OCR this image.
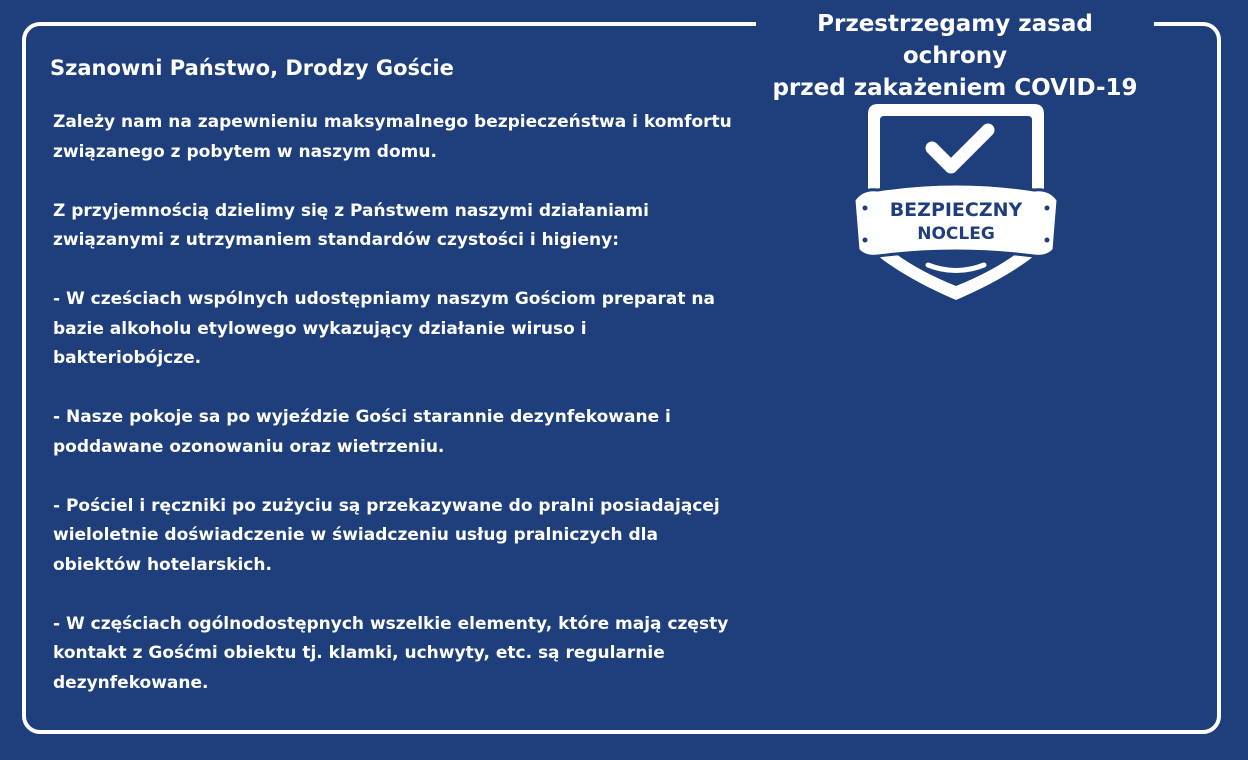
Przestrzegamy zasad ochrony
przed zakażeniem COVID-19
Szanowni Państwo, Drodzy Goście

Zależy nam na zapewnieniu maksymalnego bezpieczeństwa i komfortu
związanego z pobytem w naszym domu.

Z przyjemnością dzielimy się z Państwem naszymi działaniami
związanymi z utrzymaniem standardów czystości i higieny:

- W cześciach wspólnych udostępniamy naszym Gościom preparat na
bazie alkoholu etylowego wykazujący działanie wiruso i
bakteriobójcze.

- Nasze pokoje sa po wyjeździe Gości starannie dezynfekowane i
poddawane ozonowaniu oraz wietrzeniu.

- Pościel i ręczniki po zużyciu są przekazywane do pralni posiadającej
wieloletnie doświadczenie w świadczeniu usług pralniczych dla
obiektów hotelarskich.

- W częściach ogólnodostępnych wszelkie elementy, które mają częsty
kontakt z Gośćmi obiektu tj. klamki, uchwyty, etc. są regularnie
dezynfekowane.

BEZPIECZNY
NOCLEG
